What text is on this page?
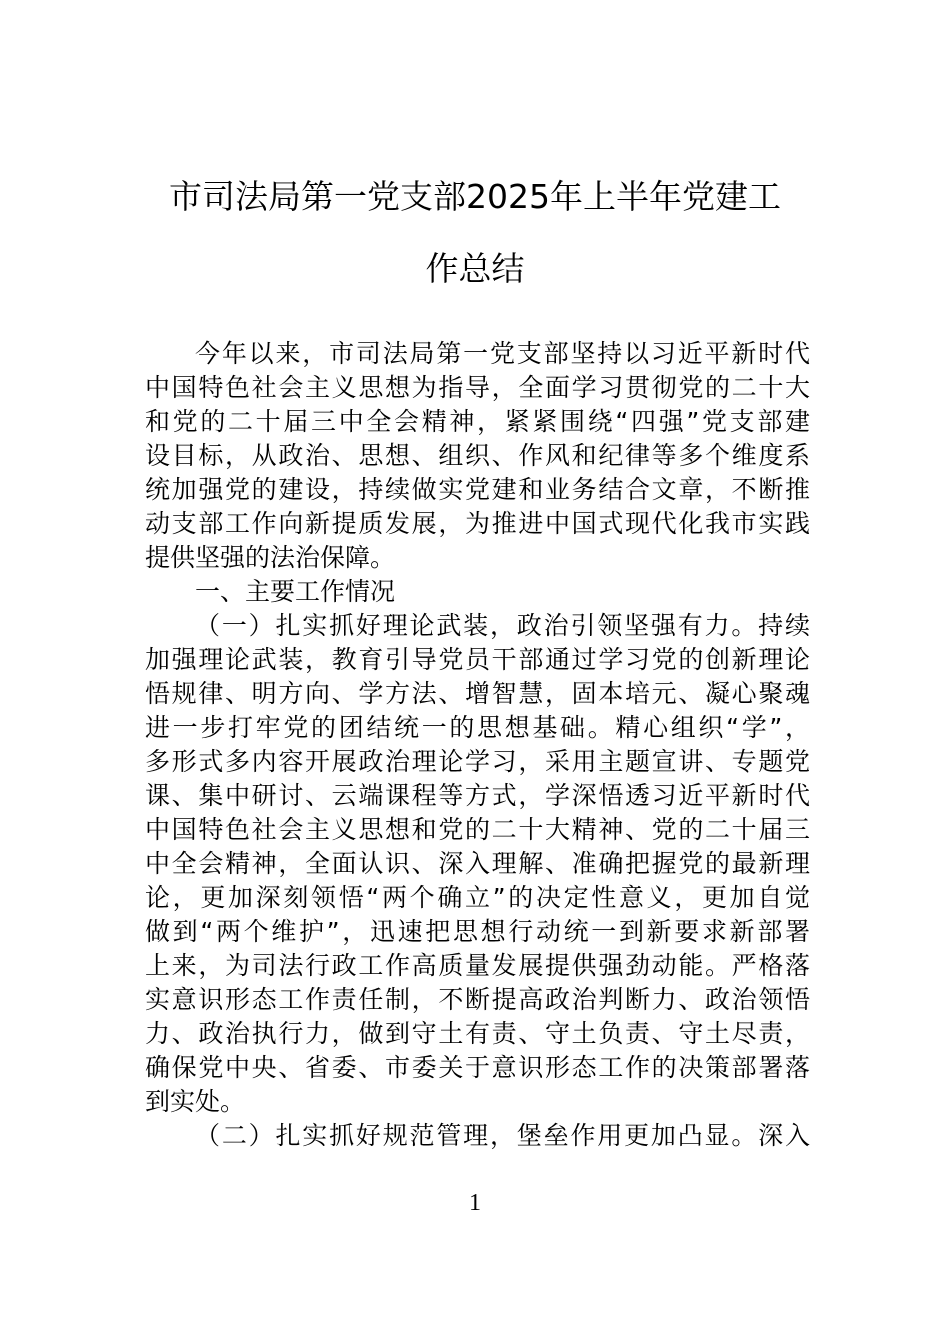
市司法局第一党支部2025年上半年党建工
作总结
今年以来，市司法局第一党支部坚持以习近平新时代
中国特色社会主义思想为指导，全面学习贯彻党的二十大
和党的二十届三中全会精神，紧紧围绕“四强”党支部建
设目标，从政治、思想、组织、作风和纪律等多个维度系
统加强党的建设，持续做实党建和业务结合文章，不断推
动支部工作向新提质发展，为推进中国式现代化我市实践
提供坚强的法治保障。
一、主要工作情况
（一）扎实抓好理论武装，政治引领坚强有力。持续
加强理论武装，教育引导党员干部通过学习党的创新理论
悟规律、明方向、学方法、增智慧，固本培元、凝心聚魂
进一步打牢党的团结统一的思想基础。精心组织“学”，
多形式多内容开展政治理论学习，采用主题宣讲、专题党
课、集中研讨、云端课程等方式，学深悟透习近平新时代
中国特色社会主义思想和党的二十大精神、党的二十届三
中全会精神，全面认识、深入理解、准确把握党的最新理
论，更加深刻领悟“两个确立”的决定性意义，更加自觉
做到“两个维护”，迅速把思想行动统一到新要求新部署
上来，为司法行政工作高质量发展提供强劲动能。严格落
实意识形态工作责任制，不断提高政治判断力、政治领悟
力、政治执行力，做到守土有责、守土负责、守土尽责，
确保党中央、省委、市委关于意识形态工作的决策部署落
到实处。
（二）扎实抓好规范管理，堡垒作用更加凸显。深入
1
